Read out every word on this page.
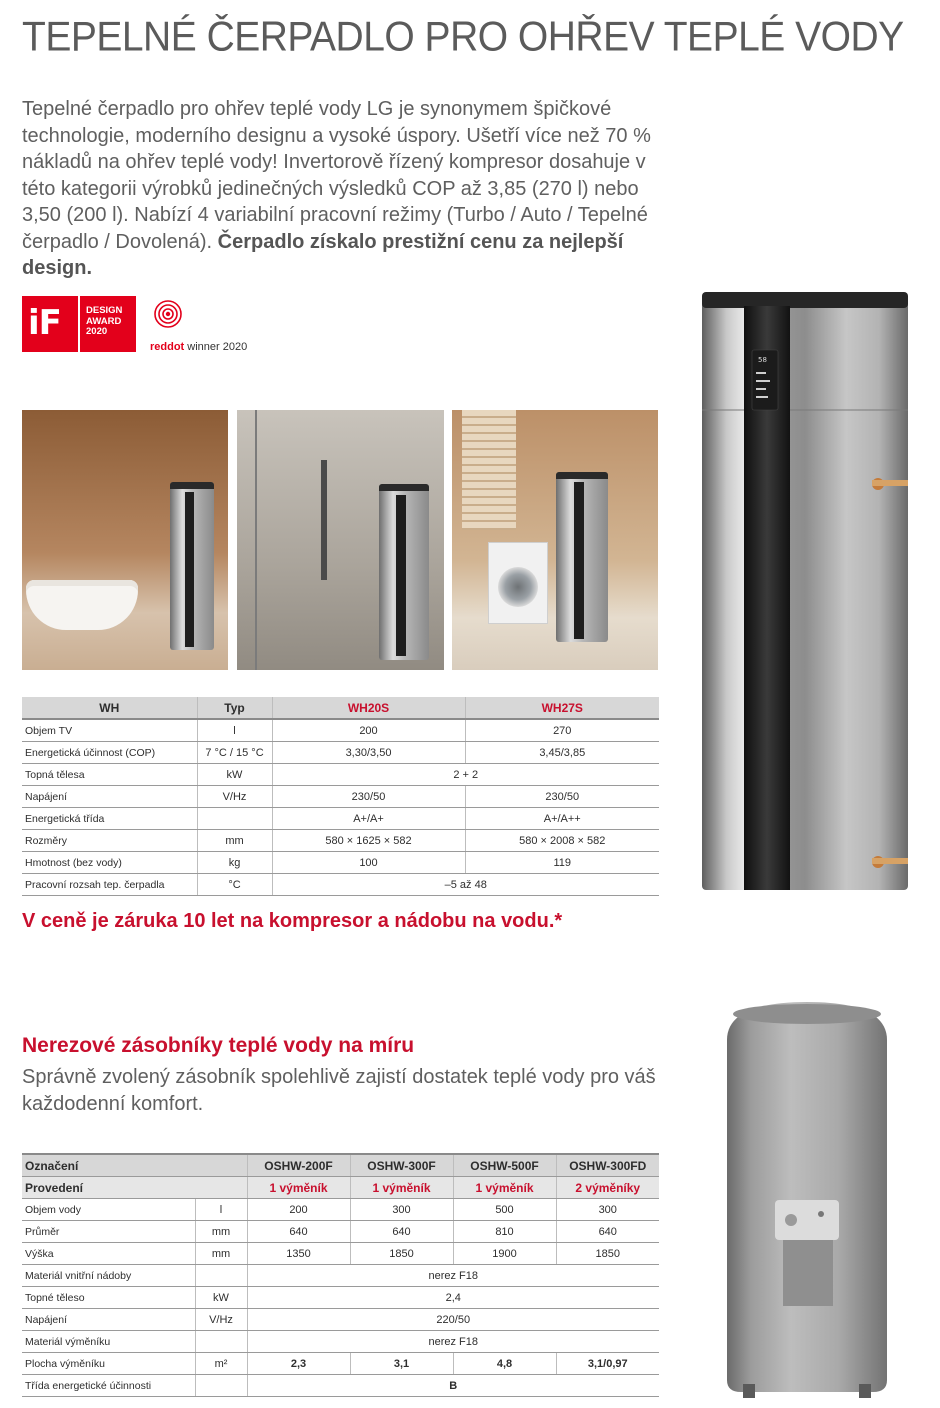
TEPELNÉ ČERPADLO PRO OHŘEV TEPLÉ VODY
Tepelné čerpadlo pro ohřev teplé vody LG je synonymem špičkové technologie, moderního designu a vysoké úspory. Ušetří více než 70 % nákladů na ohřev teplé vody! Invertorově řízený kompresor dosahuje v této kategorii výrobků jedinečných výsledků COP až 3,85 (270 l) nebo 3,50 (200 l). Nabízí 4 variabilní pracovní režimy (Turbo / Auto / Tepelné čerpadlo / Dovolená). Čerpadlo získalo prestižní cenu za nejlepší design.
iF	DESIGN
AWARD
2020
reddot winner 2020
WH	Typ	WH20S	WH27S
Objem TV	l	200	270
Energetická účinnost (COP)	7 °C / 15 °C	3,30/3,50	3,45/3,85
Topná tělesa	kW	2 + 2	
Napájení	V/Hz	230/50	230/50
Energetická třída		A+/A+	A+/A++
Rozměry	mm	580 × 1625 × 582	580 × 2008 × 582
Hmotnost (bez vody)	kg	100	119
Pracovní rozsah tep. čerpadla	°C	–5 až 48	
V ceně je záruka 10 let na kompresor a nádobu na vodu.*
58
Nerezové zásobníky teplé vody na míru
Správně zvolený zásobník spolehlivě zajistí dostatek teplé vody pro váš každodenní komfort.
Označení		OSHW-200F	OSHW-300F	OSHW-500F	OSHW-300FD
Provedení		1 výměník	1 výměník	1 výměník	2 výměníky
Objem vody	l	200	300	500	300
Průměr	mm	640	640	810	640
Výška	mm	1350	1850	1900	1850
Materiál vnitřní nádoby		nerez F18			
Topné těleso	kW	2,4			
Napájení	V/Hz	220/50			
Materiál výměníku		nerez F18			
Plocha výměníku	m²	2,3	3,1	4,8	3,1/0,97
Třída energetické účinnosti		B			
